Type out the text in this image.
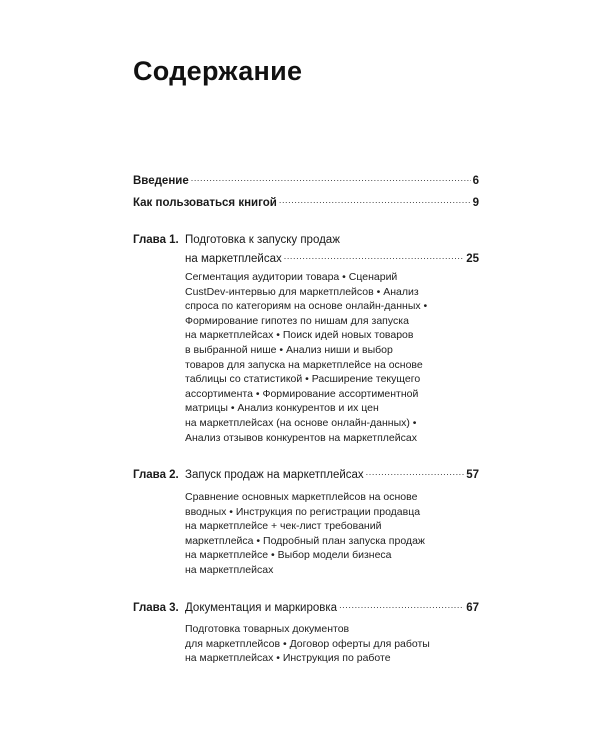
Содержание
Введение .....	6
Как пользоваться книгой .....	9
Глава 1. Подготовка к запуску продаж
на маркетплейсах .....	25

Сегментация аудитории товара • Сценарий
CustDev-интервью для маркетплейсов • Анализ
спроса по категориям на основе онлайн-данных •
Формирование гипотез по нишам для запуска
на маркетплейсах • Поиск идей новых товаров
в выбранной нише • Анализ ниши и выбор
товаров для запуска на маркетплейсе на основе
таблицы со статистикой • Расширение текущего
ассортимента • Формирование ассортиментной
матрицы • Анализ конкурентов и их цен
на маркетплейсах (на основе онлайн-данных) •
Анализ отзывов конкурентов на маркетплейсах

Глава 2. Запуск продаж на маркетплейсах .....	57

Сравнение основных маркетплейсов на основе
вводных • Инструкция по регистрации продавца
на маркетплейсе + чек-лист требований
маркетплейса • Подробный план запуска продаж
на маркетплейсе • Выбор модели бизнеса
на маркетплейсах

Глава 3. Документация и маркировка .....	67

Подготовка товарных документов
для маркетплейсов • Договор оферты для работы
на маркетплейсах • Инструкция по работе
